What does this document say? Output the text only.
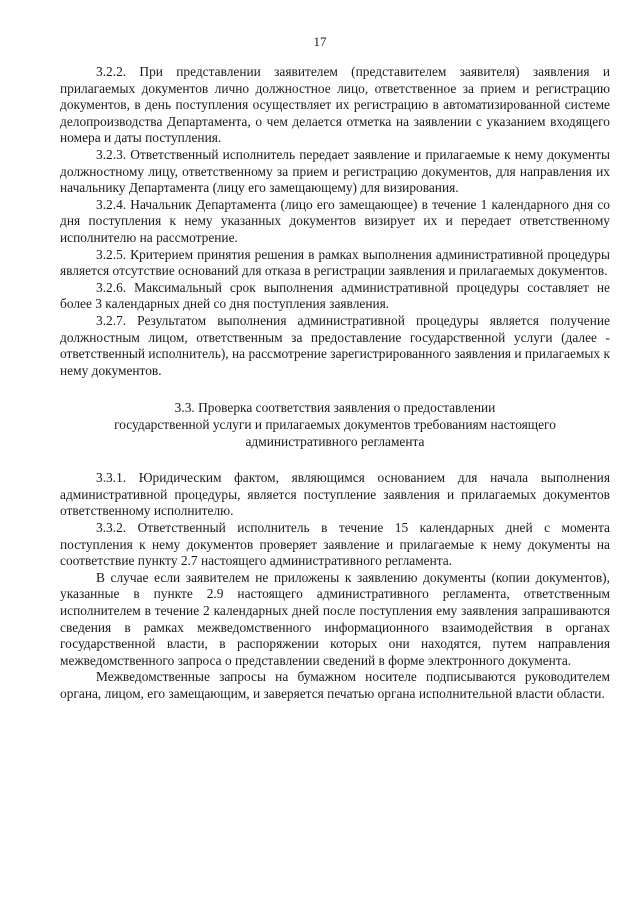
17

3.2.2. При представлении заявителем (представителем заявителя) заявления и прилагаемых документов лично должностное лицо, ответственное за прием и регистрацию документов, в день поступления осуществляет их регистрацию в автоматизированной системе делопроизводства Департамента, о чем делается отметка на заявлении с указанием входящего номера и даты поступления.

3.2.3. Ответственный исполнитель передает заявление и прилагаемые к нему документы должностному лицу, ответственному за прием и регистрацию документов, для направления их начальнику Департамента (лицу его замещающему) для визирования.

3.2.4. Начальник Департамента (лицо его замещающее) в течение 1 календарного дня со дня поступления к нему указанных документов визирует их и передает ответственному исполнителю на рассмотрение.

3.2.5. Критерием принятия решения в рамках выполнения административной процедуры является отсутствие оснований для отказа в регистрации заявления и прилагаемых документов.

3.2.6. Максимальный срок выполнения административной процедуры составляет не более 3 календарных дней со дня поступления заявления.

3.2.7. Результатом выполнения административной процедуры является получение должностным лицом, ответственным за предоставление государственной услуги (далее - ответственный исполнитель), на рассмотрение зарегистрированного заявления и прилагаемых к нему документов.

3.3. Проверка соответствия заявления о предоставлении
государственной услуги и прилагаемых документов требованиям настоящего
административного регламента

3.3.1. Юридическим фактом, являющимся основанием для начала выполнения административной процедуры, является поступление заявления и прилагаемых документов ответственному исполнителю.

3.3.2. Ответственный исполнитель в течение 15 календарных дней с момента поступления к нему документов проверяет заявление и прилагаемые к нему документы на соответствие пункту 2.7 настоящего административного регламента.

В случае если заявителем не приложены к заявлению документы (копии документов), указанные в пункте 2.9 настоящего административного регламента, ответственным исполнителем в течение 2 календарных дней после поступления ему заявления запрашиваются сведения в рамках межведомственного информационного взаимодействия в органах государственной власти, в распоряжении которых они находятся, путем направления межведомственного запроса о представлении сведений в форме электронного документа.

Межведомственные запросы на бумажном носителе подписываются руководителем органа, лицом, его замещающим, и заверяется печатью органа исполнительной власти области.
